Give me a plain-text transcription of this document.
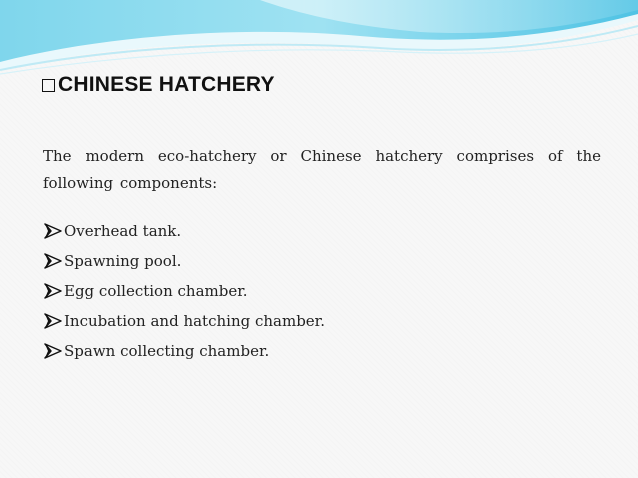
CHINESE HATCHERY

The modern eco-hatchery or Chinese hatchery comprises of the following components:

Overhead tank.
Spawning pool.
Egg collection chamber.
Incubation and hatching chamber.
Spawn collecting chamber.
